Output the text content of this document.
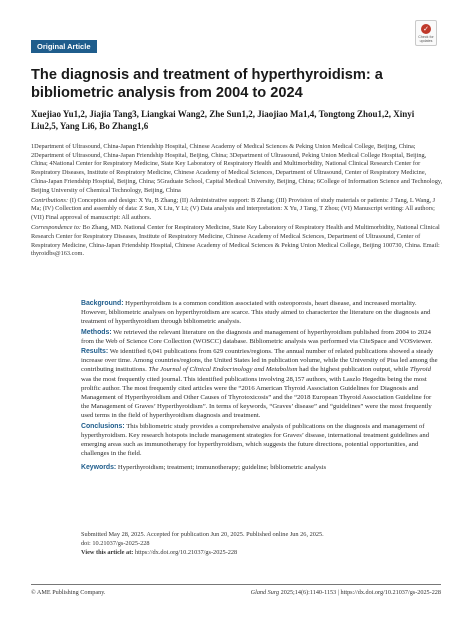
Original Article
✓
Check for updates
The diagnosis and treatment of hyperthyroidism: a bibliometric analysis from 2004 to 2024
Xuejiao Yu1,2, Jiajia Tang3, Liangkai Wang2, Zhe Sun1,2, Jiaojiao Ma1,4, Tongtong Zhou1,2, Xinyi Liu2,5, Yang Li6, Bo Zhang1,6

1Department of Ultrasound, China-Japan Friendship Hospital, Chinese Academy of Medical Sciences & Peking Union Medical College, Beijing, China; 2Department of Ultrasound, China-Japan Friendship Hospital, Beijing, China; 3Department of Ultrasound, Peking Union Medical College Hospital, Beijing, China; 4National Center for Respiratory Medicine, State Key Laboratory of Respiratory Health and Multimorbidity, National Clinical Research Center for Respiratory Diseases, Institute of Respiratory Medicine, Chinese Academy of Medical Sciences, Department of Ultrasound, Center of Respiratory Medicine, China-Japan Friendship Hospital, Beijing, China; 5Graduate School, Capital Medical University, Beijing, China; 6College of Information Science and Technology, Beijing University of Chemical Technology, Beijing, China

Contributions: (I) Conception and design: X Yu, B Zhang; (II) Administrative support: B Zhang; (III) Provision of study materials or patients: J Tang, L Wang, J Ma; (IV) Collection and assembly of data: Z Sun, X Liu, Y Li; (V) Data analysis and interpretation: X Yu, J Tang, T Zhou; (VI) Manuscript writing: All authors; (VII) Final approval of manuscript: All authors.

Correspondence to: Bo Zhang, MD. National Center for Respiratory Medicine, State Key Laboratory of Respiratory Health and Multimorbidity, National Clinical Research Center for Respiratory Diseases, Institute of Respiratory Medicine, Chinese Academy of Medical Sciences, Department of Ultrasound, Center of Respiratory Medicine, China-Japan Friendship Hospital, Chinese Academy of Medical Sciences & Peking Union Medical College, Beijing 100730, China. Email: thyroidbs@163.com.

Background: Hyperthyroidism is a common condition associated with osteoporosis, heart disease, and increased mortality. However, bibliometric analyses on hyperthyroidism are scarce. This study aimed to characterize the literature on the diagnosis and treatment of hyperthyroidism through bibliometric analysis.

Methods: We retrieved the relevant literature on the diagnosis and management of hyperthyroidism published from 2004 to 2024 from the Web of Science Core Collection (WOSCC) database. Bibliometric analysis was performed via CiteSpace and VOSviewer.

Results: We identified 6,041 publications from 629 countries/regions. The annual number of related publications showed a steady increase over time. Among countries/regions, the United States led in publication volume, while the University of Pisa led among the contributing institutions. The Journal of Clinical Endocrinology and Metabolism had the highest publication output, while Thyroid was the most frequently cited journal. This identified publications involving 28,157 authors, with Laszlo Hegedüs being the most prolific author. The most frequently cited articles were the “2016 American Thyroid Association Guidelines for Diagnosis and Management of Hyperthyroidism and Other Causes of Thyrotoxicosis” and the “2018 European Thyroid Association Guideline for the Management of Graves’ Hyperthyroidism”. In terms of keywords, “Graves’ disease” and “guidelines” were the most frequently used terms in the field of hyperthyroidism diagnosis and treatment.

Conclusions: This bibliometric study provides a comprehensive analysis of publications on the diagnosis and management of hyperthyroidism. Key research hotspots include management strategies for Graves’ disease, international treatment guidelines and emerging areas such as immunotherapy for hyperthyroidism, which suggests the future directions, potential opportunities, and challenges in the field.

Keywords: Hyperthyroidism; treatment; immunotherapy; guideline; bibliometric analysis

Submitted May 28, 2025. Accepted for publication Jun 20, 2025. Published online Jun 26, 2025.

doi: 10.21037/gs-2025-228

View this article at: https://dx.doi.org/10.21037/gs-2025-228

© AME Publishing Company.	Gland Surg 2025;14(6):1140-1153 | https://dx.doi.org/10.21037/gs-2025-228
